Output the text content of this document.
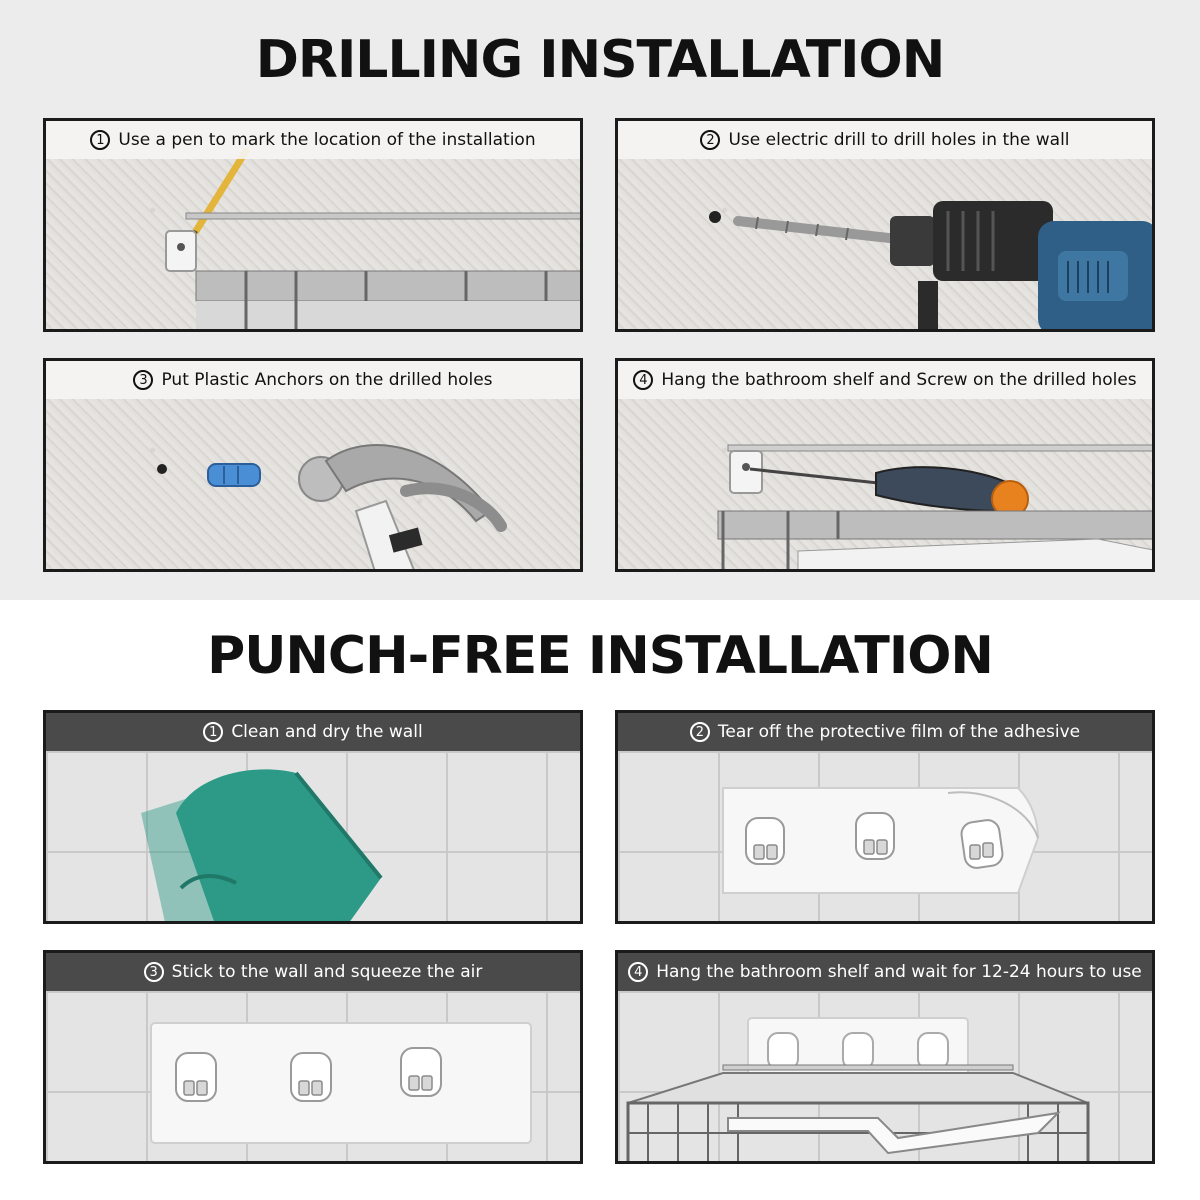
DRILLING INSTALLATION
1 Use a pen to mark the location of the installation	2 Use electric drill to drill holes in the wall
3 Put Plastic Anchors on the drilled holes	4 Hang the bathroom shelf and Screw on the drilled holes
PUNCH-FREE INSTALLATION
1 Clean and dry the wall	2 Tear off the protective film of the adhesive
3 Stick to the wall and squeeze the air	4 Hang the bathroom shelf and wait for 12-24 hours to use
